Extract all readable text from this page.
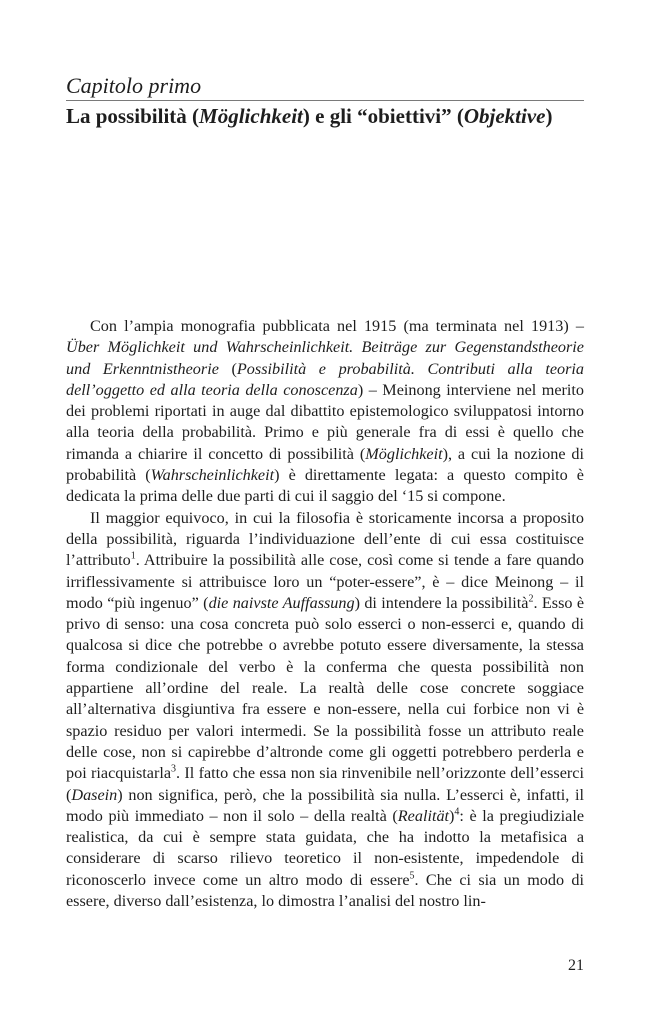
Capitolo primo
La possibilità (Möglichkeit) e gli “obiettivi” (Objektive)

Con l’ampia monografia pubblicata nel 1915 (ma terminata nel 1913) – Über Möglichkeit und Wahrscheinlichkeit. Beiträge zur Gegenstandstheorie und Erkenntnistheorie (Possibilità e probabilità. Contributi alla teoria dell’oggetto ed alla teoria della conoscenza) – Meinong interviene nel merito dei problemi riportati in auge dal dibattito epistemologico sviluppatosi intorno alla teoria della probabilità. Primo e più generale fra di essi è quello che rimanda a chiarire il concetto di possibilità (Möglichkeit), a cui la nozione di probabilità (Wahrscheinlichkeit) è direttamente legata: a questo compito è dedicata la prima delle due parti di cui il saggio del ‘15 si compone.

Il maggior equivoco, in cui la filosofia è storicamente incorsa a proposito della possibilità, riguarda l’individuazione dell’ente di cui essa costituisce l’attributo$^1$. Attribuire la possibilità alle cose, così come si tende a fare quando irriflessivamente si attribuisce loro un “poter-essere”, è – dice Meinong – il modo “più ingenuo” (die naivste Auffassung) di intendere la possibilità$^2$. Esso è privo di senso: una cosa concreta può solo esserci o non-esserci e, quando di qualcosa si dice che potrebbe o avrebbe potuto essere diversamente, la stessa forma condizionale del verbo è la conferma che questa possibilità non appartiene all’ordine del reale. La realtà delle cose concrete soggiace all’alternativa disgiuntiva fra essere e non-essere, nella cui forbice non vi è spazio residuo per valori intermedi. Se la possibilità fosse un attributo reale delle cose, non si capirebbe d’altronde come gli oggetti potrebbero perderla e poi riacquistarla$^3$. Il fatto che essa non sia rinvenibile nell’orizzonte dell’esserci (Dasein) non significa, però, che la possibilità sia nulla. L’esserci è, infatti, il modo più immediato – non il solo – della realtà (Realität)$^4$: è la pregiudiziale realistica, da cui è sempre stata guidata, che ha indotto la metafisica a considerare di scarso rilievo teoretico il non-esistente, impedendole di riconoscerlo invece come un altro modo di essere$^5$. Che ci sia un modo di essere, diverso dall’esistenza, lo dimostra l’analisi del nostro lin-

21
